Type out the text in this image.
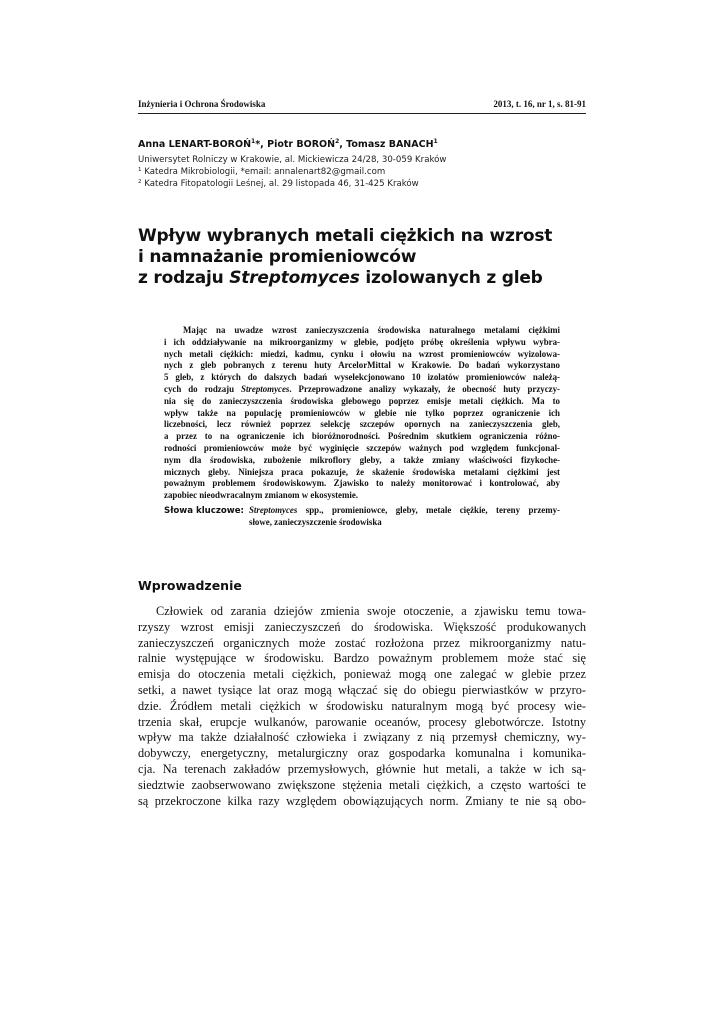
Inżynieria i Ochrona Środowiska	2013, t. 16, nr 1, s. 81-91
Anna LENART-BOROŃ$^1$*, Piotr BOROŃ$^2$, Tomasz BANACH$^1$
Uniwersytet Rolniczy w Krakowie, al. Mickiewicza 24/28, 30-059 Kraków
$^1$ Katedra Mikrobiologii, *email: annalenart82@gmail.com
$^2$ Katedra Fitopatologii Leśnej, al. 29 listopada 46, 31-425 Kraków
Wpływ wybranych metali ciężkich na wzrost
i namnażanie promieniowców
z rodzaju Streptomyces izolowanych z gleb
Mając na uwadze wzrost zanieczyszczenia środowiska naturalnego metalami ciężkimi
i ich oddziaływanie na mikroorganizmy w glebie, podjęto próbę określenia wpływu wybra-
nych metali ciężkich: miedzi, kadmu, cynku i ołowiu na wzrost promieniowców wyizolowa-
nych z gleb pobranych z terenu huty ArcelorMittal w Krakowie. Do badań wykorzystano
5 gleb, z których do dalszych badań wyselekcjonowano 10 izolatów promieniowców należą-
cych do rodzaju Streptomyces. Przeprowadzone analizy wykazały, że obecność huty przyczy-
nia się do zanieczyszczenia środowiska glebowego poprzez emisje metali ciężkich. Ma to
wpływ także na populację promieniowców w glebie nie tylko poprzez ograniczenie ich
liczebności, lecz również poprzez selekcję szczepów opornych na zanieczyszczenia gleb,
a przez to na ograniczenie ich bioróżnorodności. Pośrednim skutkiem ograniczenia różno-
rodności promieniowców może być wyginięcie szczepów ważnych pod względem funkcjonal-
nym dla środowiska, zubożenie mikroflory gleby, a także zmiany właściwości fizykoche-
micznych gleby. Niniejsza praca pokazuje, że skażenie środowiska metalami ciężkimi jest
poważnym problemem środowiskowym. Zjawisko to należy monitorować i kontrolować, aby
zapobiec nieodwracalnym zmianom w ekosystemie.
Słowa kluczowe: Streptomyces spp., promieniowce, gleby, metale ciężkie, tereny przemy-
słowe, zanieczyszczenie środowiska
Wprowadzenie
Człowiek od zarania dziejów zmienia swoje otoczenie, a zjawisku temu towa-
rzyszy wzrost emisji zanieczyszczeń do środowiska. Większość produkowanych
zanieczyszczeń organicznych może zostać rozłożona przez mikroorganizmy natu-
ralnie występujące w środowisku. Bardzo poważnym problemem może stać się
emisja do otoczenia metali ciężkich, ponieważ mogą one zalegać w glebie przez
setki, a nawet tysiące lat oraz mogą włączać się do obiegu pierwiastków w przyro-
dzie. Źródłem metali ciężkich w środowisku naturalnym mogą być procesy wie-
trzenia skał, erupcje wulkanów, parowanie oceanów, procesy glebotwórcze. Istotny
wpływ ma także działalność człowieka i związany z nią przemysł chemiczny, wy-
dobywczy, energetyczny, metalurgiczny oraz gospodarka komunalna i komunika-
cja. Na terenach zakładów przemysłowych, głównie hut metali, a także w ich są-
siedztwie zaobserwowano zwiększone stężenia metali ciężkich, a często wartości te
są przekroczone kilka razy względem obowiązujących norm. Zmiany te nie są obo-
